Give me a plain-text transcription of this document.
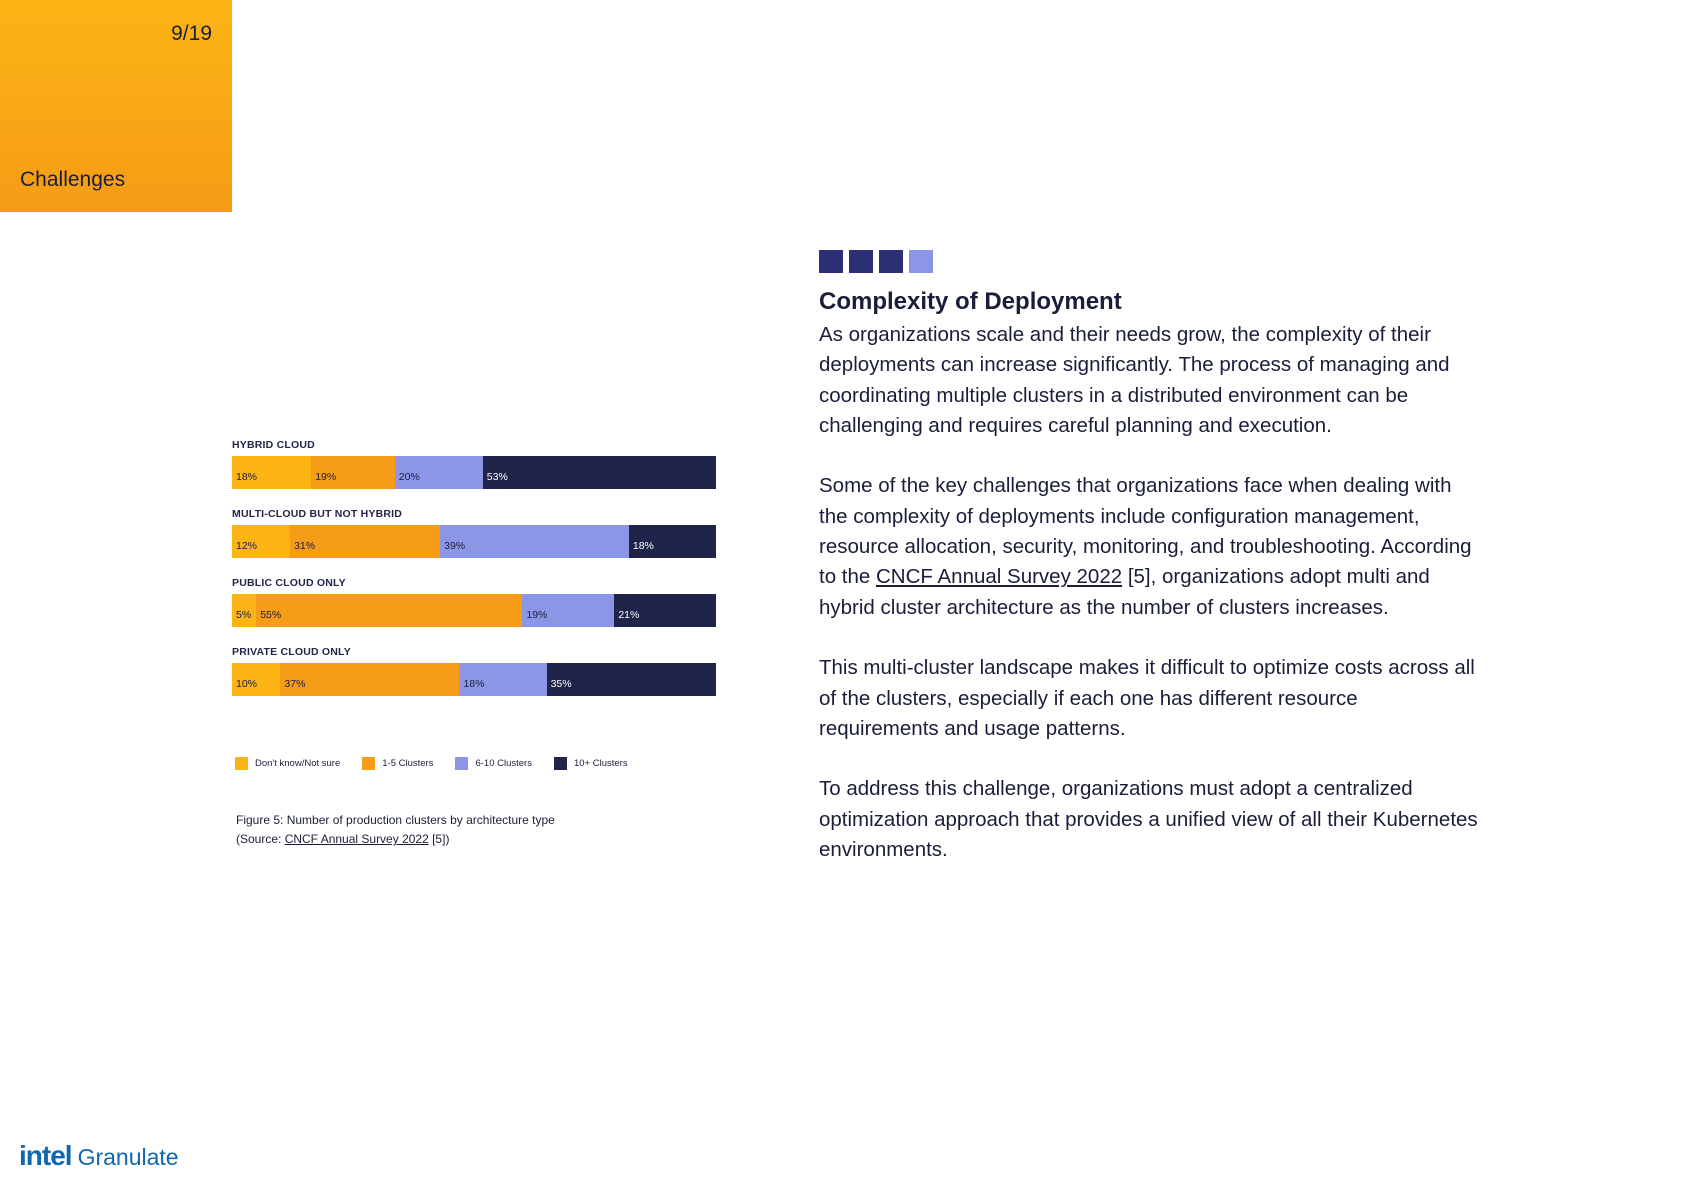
9/19
Challenges
HYBRID CLOUD
18%	19%	20%	53%
MULTI-CLOUD BUT NOT HYBRID
12%	31%	39%	18%
PUBLIC CLOUD ONLY
5% 55%	19%	21%
PRIVATE CLOUD ONLY
10%	37%	18%	35%
Don't know/Not sure	1-5 Clusters	6-10 Clusters	10+ Clusters
Figure 5: Number of production clusters by architecture type
(Source: CNCF Annual Survey 2022 [5])
Complexity of Deployment

As organizations scale and their needs grow, the complexity of their deployments can increase significantly. The process of managing and coordinating multiple clusters in a distributed environment can be challenging and requires careful planning and execution.

Some of the key challenges that organizations face when dealing with the complexity of deployments include configuration management, resource allocation, security, monitoring, and troubleshooting. According to the CNCF Annual Survey 2022 [5], organizations adopt multi and hybrid cluster architecture as the number of clusters increases.

This multi-cluster landscape makes it difficult to optimize costs across all of the clusters, especially if each one has different resource requirements and usage patterns.

To address this challenge, organizations must adopt a centralized optimization approach that provides a unified view of all their Kubernetes environments.

intel Granulate
